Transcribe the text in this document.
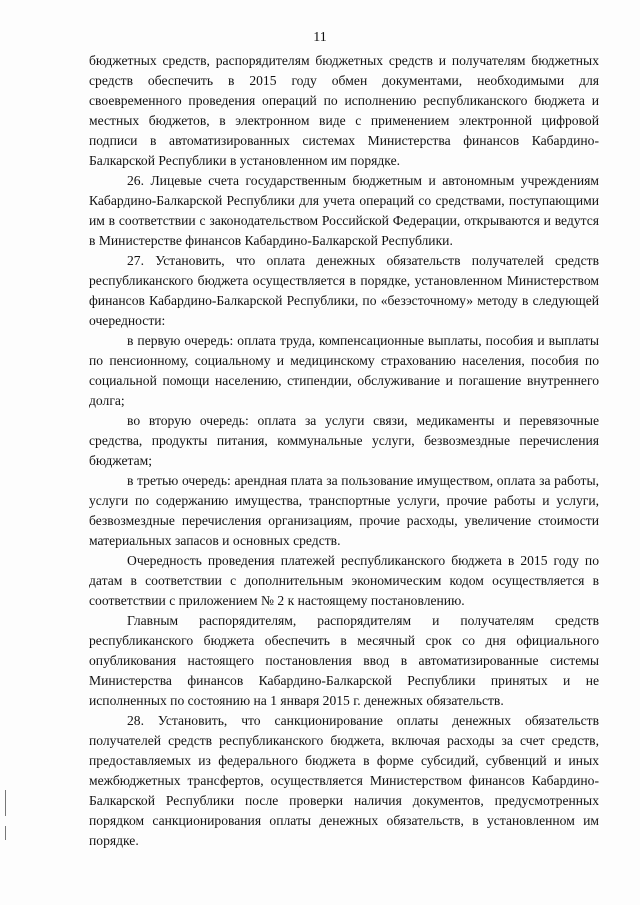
11

бюджетных средств, распорядителям бюджетных средств и получателям бюджетных средств обеспечить в 2015 году обмен документами, необходимыми для своевременного проведения операций по исполнению республиканского бюджета и местных бюджетов, в электронном виде с применением электронной цифровой подписи в автоматизированных системах Министерства финансов Кабардино-Балкарской Республики в установленном им порядке.

26. Лицевые счета государственным бюджетным и автономным учреждениям Кабардино-Балкарской Республики для учета операций со средствами, поступающими им в соответствии с законодательством Российской Федерации, открываются и ведутся в Министерстве финансов Кабардино-Балкарской Республики.

27. Установить, что оплата денежных обязательств получателей средств республиканского бюджета осуществляется в порядке, установленном Министерством финансов Кабардино-Балкарской Республики, по «безэсточному» методу в следующей очередности:

в первую очередь: оплата труда, компенсационные выплаты, пособия и выплаты по пенсионному, социальному и медицинскому страхованию населения, пособия по социальной помощи населению, стипендии, обслуживание и погашение внутреннего долга;

во вторую очередь: оплата за услуги связи, медикаменты и перевязочные средства, продукты питания, коммунальные услуги, безвозмездные перечисления бюджетам;

в третью очередь: арендная плата за пользование имуществом, оплата за работы, услуги по содержанию имущества, транспортные услуги, прочие работы и услуги, безвозмездные перечисления организациям, прочие расходы, увеличение стоимости материальных запасов и основных средств.

Очередность проведения платежей республиканского бюджета в 2015 году по датам в соответствии с дополнительным экономическим кодом осуществляется в соответствии с приложением № 2 к настоящему постановлению.

Главным распорядителям, распорядителям и получателям средств республиканского бюджета обеспечить в месячный срок со дня официального опубликования настоящего постановления ввод в автоматизированные системы Министерства финансов Кабардино-Балкарской Республики принятых и не исполненных по состоянию на 1 января 2015 г. денежных обязательств.

28. Установить, что санкционирование оплаты денежных обязательств получателей средств республиканского бюджета, включая расходы за счет средств, предоставляемых из федерального бюджета в форме субсидий, субвенций и иных межбюджетных трансфертов, осуществляется Министерством финансов Кабардино-Балкарской Республики после проверки наличия документов, предусмотренных порядком санкционирования оплаты денежных обязательств, в установленном им порядке.
